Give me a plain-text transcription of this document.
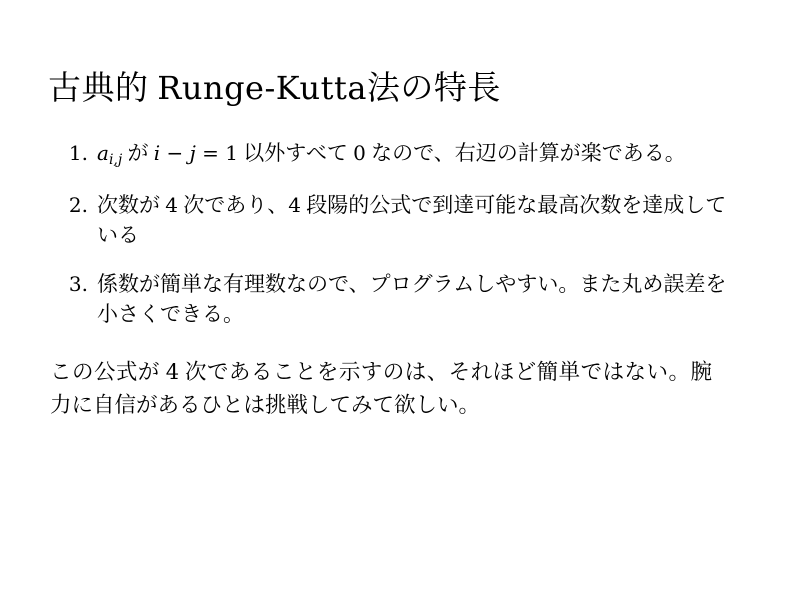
古典的 Runge-Kutta法の特長
1. $a_{i,j}$ が i − j = 1 以外すべて 0 なので、右辺の計算が楽である。
2. 次数が 4 次であり、4 段陽的公式で到達可能な最高次数を達成している
3. 係数が簡単な有理数なので、プログラムしやすい。また丸め誤差を小さくできる。

この公式が 4 次であることを示すのは、それほど簡単ではない。腕力に自信があるひとは挑戦してみて欲しい。
